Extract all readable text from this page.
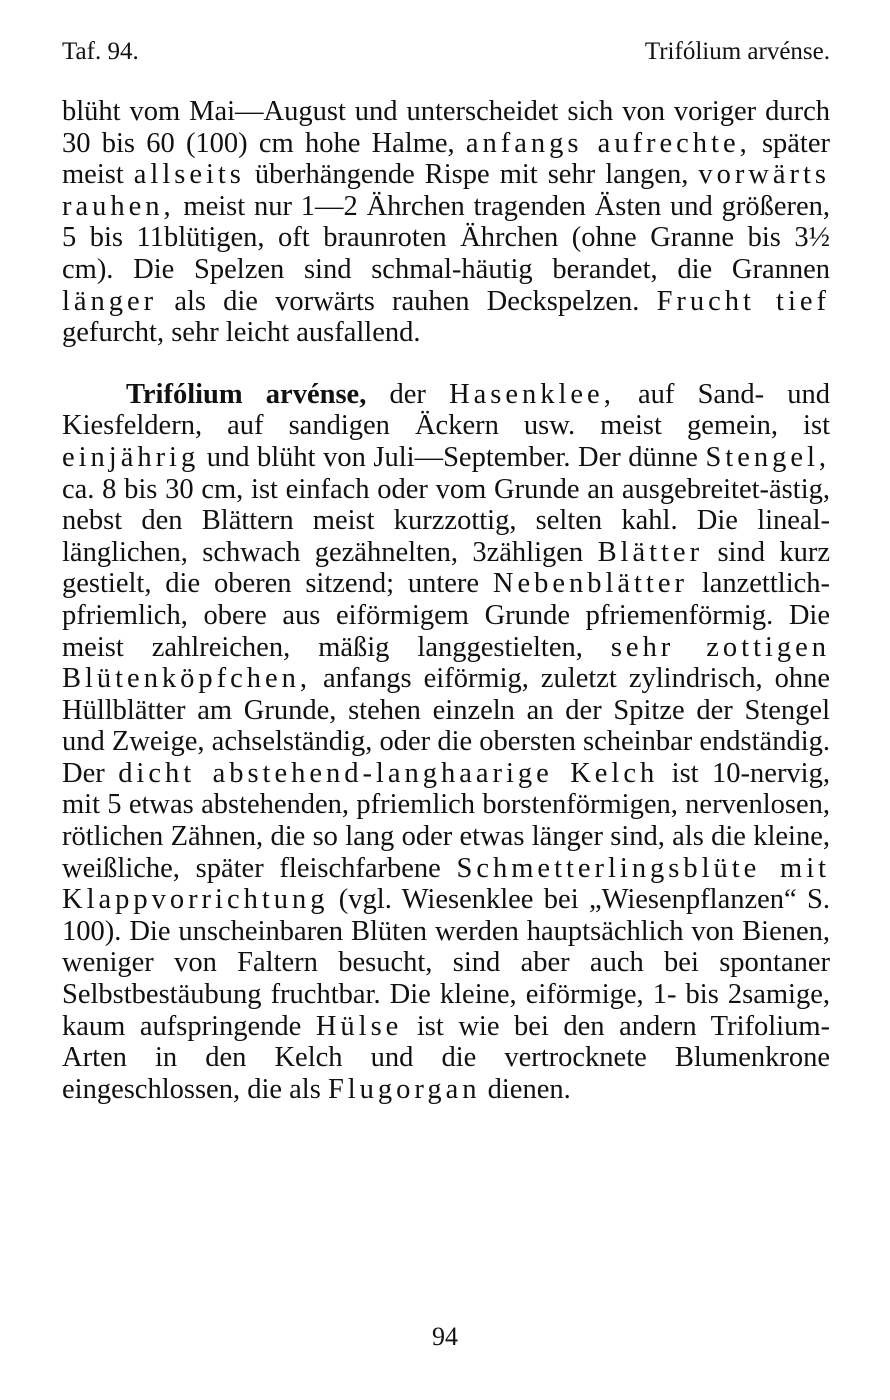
Taf. 94.	Trifólium arvénse.

blüht vom Mai—August und unterscheidet sich von voriger durch 30 bis 60 (100) cm hohe Halme, anfangs aufrechte, später meist allseits überhängende Rispe mit sehr langen, vorwärts rauhen, meist nur 1—2 Ährchen tragenden Ästen und größeren, 5 bis 11blütigen, oft braunroten Ährchen (ohne Granne bis 3½ cm). Die Spelzen sind schmal-häutig berandet, die Grannen länger als die vorwärts rauhen Deckspelzen. Frucht tief gefurcht, sehr leicht ausfallend.

Trifólium arvénse, der Hasenklee, auf Sand- und Kiesfeldern, auf sandigen Äckern usw. meist gemein, ist einjährig und blüht von Juli—September. Der dünne Stengel, ca. 8 bis 30 cm, ist einfach oder vom Grunde an ausgebreitet-ästig, nebst den Blättern meist kurzzottig, selten kahl. Die lineal-länglichen, schwach gezähnelten, 3zähligen Blätter sind kurz gestielt, die oberen sitzend; untere Nebenblätter lanzettlich-pfriemlich, obere aus eiförmigem Grunde pfriemenförmig. Die meist zahlreichen, mäßig langgestielten, sehr zottigen Blütenköpfchen, anfangs eiförmig, zuletzt zylindrisch, ohne Hüllblätter am Grunde, stehen einzeln an der Spitze der Stengel und Zweige, achselständig, oder die obersten scheinbar endständig. Der dicht abstehend-langhaarige Kelch ist 10-nervig, mit 5 etwas abstehenden, pfriemlich borstenförmigen, nervenlosen, rötlichen Zähnen, die so lang oder etwas länger sind, als die kleine, weißliche, später fleischfarbene Schmetterlingsblüte mit Klappvorrichtung (vgl. Wiesenklee bei „Wiesenpflanzen“ S. 100). Die unscheinbaren Blüten werden hauptsächlich von Bienen, weniger von Faltern besucht, sind aber auch bei spontaner Selbstbestäubung fruchtbar. Die kleine, eiförmige, 1- bis 2samige, kaum aufspringende Hülse ist wie bei den andern Trifolium-Arten in den Kelch und die vertrocknete Blumenkrone eingeschlossen, die als Flugorgan dienen.

94
